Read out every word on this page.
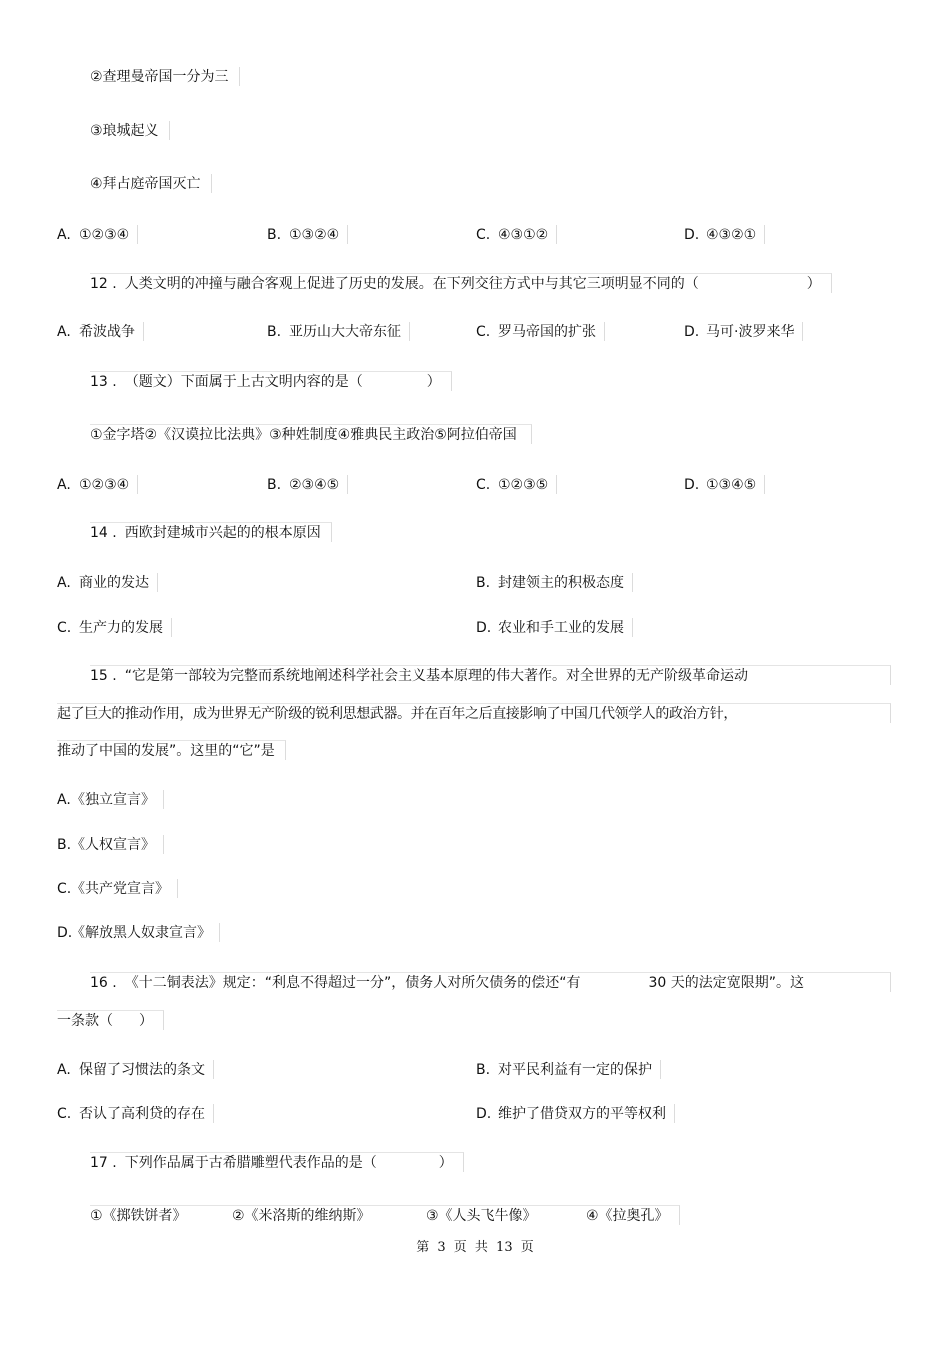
②查理曼帝国一分为三
③琅城起义
④拜占庭帝国灭亡
A. ①②③④	B. ①③②④	C. ④③①②	D. ④③②①
12 . 人类文明的冲撞与融合客观上促进了历史的发展。在下列交往方式中与其它三项明显不同的（	）
A. 希波战争	B. 亚历山大大帝东征	C. 罗马帝国的扩张	D. 马可·波罗来华
13 . （题文）下面属于上古文明内容的是（	）
①金字塔②《汉谟拉比法典》③种姓制度④雅典民主政治⑤阿拉伯帝国
A. ①②③④	B. ②③④⑤	C. ①②③⑤	D. ①③④⑤
14 . 西欧封建城市兴起的的根本原因
A. 商业的发达	B. 封建领主的积极态度
C. 生产力的发展	D. 农业和手工业的发展
15 . “它是第一部较为完整而系统地阐述科学社会主义基本原理的伟大著作。对全世界的无产阶级革命运动
起了巨大的推动作用，成为世界无产阶级的锐利思想武器。并在百年之后直接影响了中国几代领学人的政治方针，
推动了中国的发展”。这里的“它”是
A.《独立宣言》
B.《人权宣言》
C.《共产党宣言》
D.《解放黑人奴隶宣言》
16 . 《十二铜表法》规定：“利息不得超过一分”，债务人对所欠债务的偿还“有	30 天的法定宽限期”。这
一条款（ ）
A. 保留了习惯法的条文	B. 对平民利益有一定的保护
C. 否认了高利贷的存在	D. 维护了借贷双方的平等权利
17 . 下列作品属于古希腊雕塑代表作品的是（	）
①《掷铁饼者》	②《米洛斯的维纳斯》	③《人头飞牛像》	④《拉奥孔》
第 3 页 共 13 页
